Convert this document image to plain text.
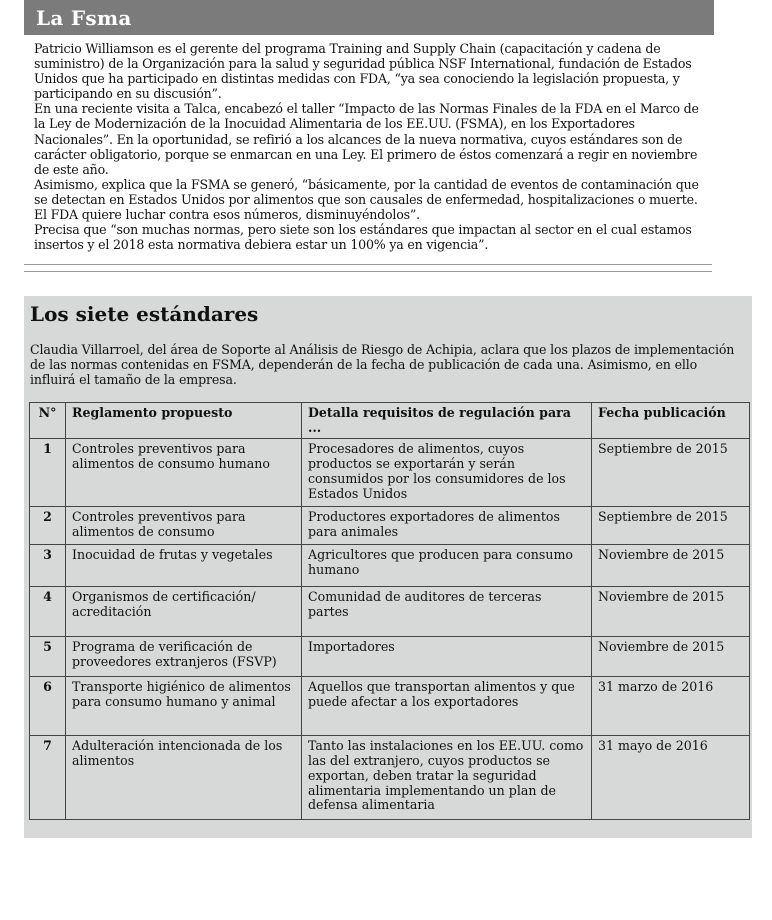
La Fsma

Patricio Williamson es el gerente del programa Training and Supply Chain (capacitación y cadena de suministro) de la Organización para la salud y seguridad pública NSF International, fundación de Estados Unidos que ha participado en distintas medidas con FDA, “ya sea conociendo la legislación propuesta, y participando en su discusión”.

En una reciente visita a Talca, encabezó el taller “Impacto de las Normas Finales de la FDA en el Marco de la Ley de Modernización de la Inocuidad Alimentaria de los EE.UU. (FSMA), en los Exportadores Nacionales”. En la oportunidad, se refirió a los alcances de la nueva normativa, cuyos estándares son de carácter obligatorio, porque se enmarcan en una Ley. El primero de éstos comenzará a regir en noviembre de este año.

Asimismo, explica que la FSMA se generó, “básicamente, por la cantidad de eventos de contaminación que se detectan en Estados Unidos por alimentos que son causales de enfermedad, hospitalizaciones o muerte. El FDA quiere luchar contra esos números, disminuyéndolos”.

Precisa que “son muchas normas, pero siete son los estándares que impactan al sector en el cual estamos insertos y el 2018 esta normativa debiera estar un 100% ya en vigencia”.

Los siete estándares

Claudia Villarroel, del área de Soporte al Análisis de Riesgo de Achipia, aclara que los plazos de implementación de las normas contenidas en FSMA, dependerán de la fecha de publicación de cada una. Asimismo, en ello influirá el tamaño de la empresa.

N°	Reglamento propuesto	Detalla requisitos de regulación para ...	Fecha publicación
1	Controles preventivos para alimentos de consumo humano	Procesadores de alimentos, cuyos productos se exportarán y serán consumidos por los consumidores de los Estados Unidos	Septiembre de 2015
2	Controles preventivos para alimentos de consumo	Productores exportadores de alimentos para animales	Septiembre de 2015
3	Inocuidad de frutas y vegetales	Agricultores que producen para consumo humano	Noviembre de 2015
4	Organismos de certificación/ acreditación	Comunidad de auditores de terceras partes	Noviembre de 2015
5	Programa de verificación de proveedores extranjeros (FSVP)	Importadores	Noviembre de 2015
6	Transporte higiénico de alimentos para consumo humano y animal	Aquellos que transportan alimentos y que puede afectar a los exportadores	31 marzo de 2016
7	Adulteración intencionada de los alimentos	Tanto las instalaciones en los EE.UU. como las del extranjero, cuyos productos se exportan, deben tratar la seguridad alimentaria implementando un plan de defensa alimentaria	31 mayo de 2016
